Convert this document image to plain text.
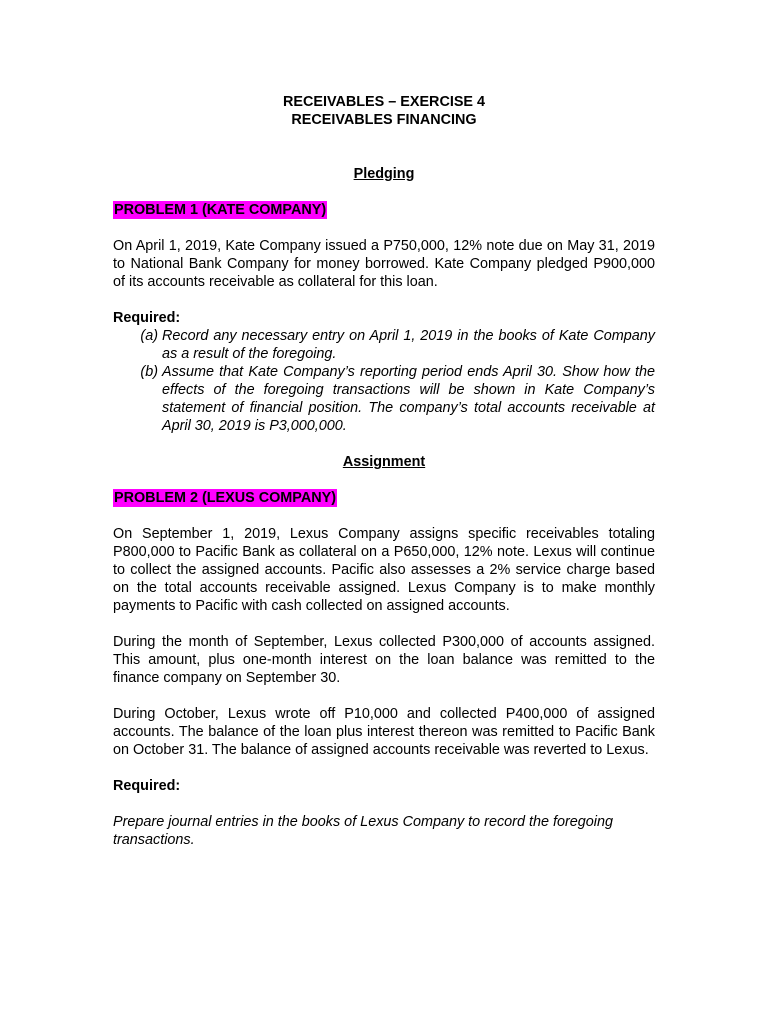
RECEIVABLES – EXERCISE 4
RECEIVABLES FINANCING
Pledging
PROBLEM 1 (KATE COMPANY)

On April 1, 2019, Kate Company issued a P750,000, 12% note due on May 31, 2019 to National Bank Company for money borrowed. Kate Company pledged P900,000 of its accounts receivable as collateral for this loan.

Required:

(a) Record any necessary entry on April 1, 2019 in the books of Kate Company as a result of the foregoing.
(b) Assume that Kate Company’s reporting period ends April 30. Show how the effects of the foregoing transactions will be shown in Kate Company’s statement of financial position. The company’s total accounts receivable at April 30, 2019 is P3,000,000.
Assignment
PROBLEM 2 (LEXUS COMPANY)

On September 1, 2019, Lexus Company assigns specific receivables totaling P800,000 to Pacific Bank as collateral on a P650,000, 12% note. Lexus will continue to collect the assigned accounts. Pacific also assesses a 2% service charge based on the total accounts receivable assigned. Lexus Company is to make monthly payments to Pacific with cash collected on assigned accounts.

During the month of September, Lexus collected P300,000 of accounts assigned. This amount, plus one-month interest on the loan balance was remitted to the finance company on September 30.

During October, Lexus wrote off P10,000 and collected P400,000 of assigned accounts. The balance of the loan plus interest thereon was remitted to Pacific Bank on October 31. The balance of assigned accounts receivable was reverted to Lexus.

Required:

Prepare journal entries in the books of Lexus Company to record the foregoing transactions.
